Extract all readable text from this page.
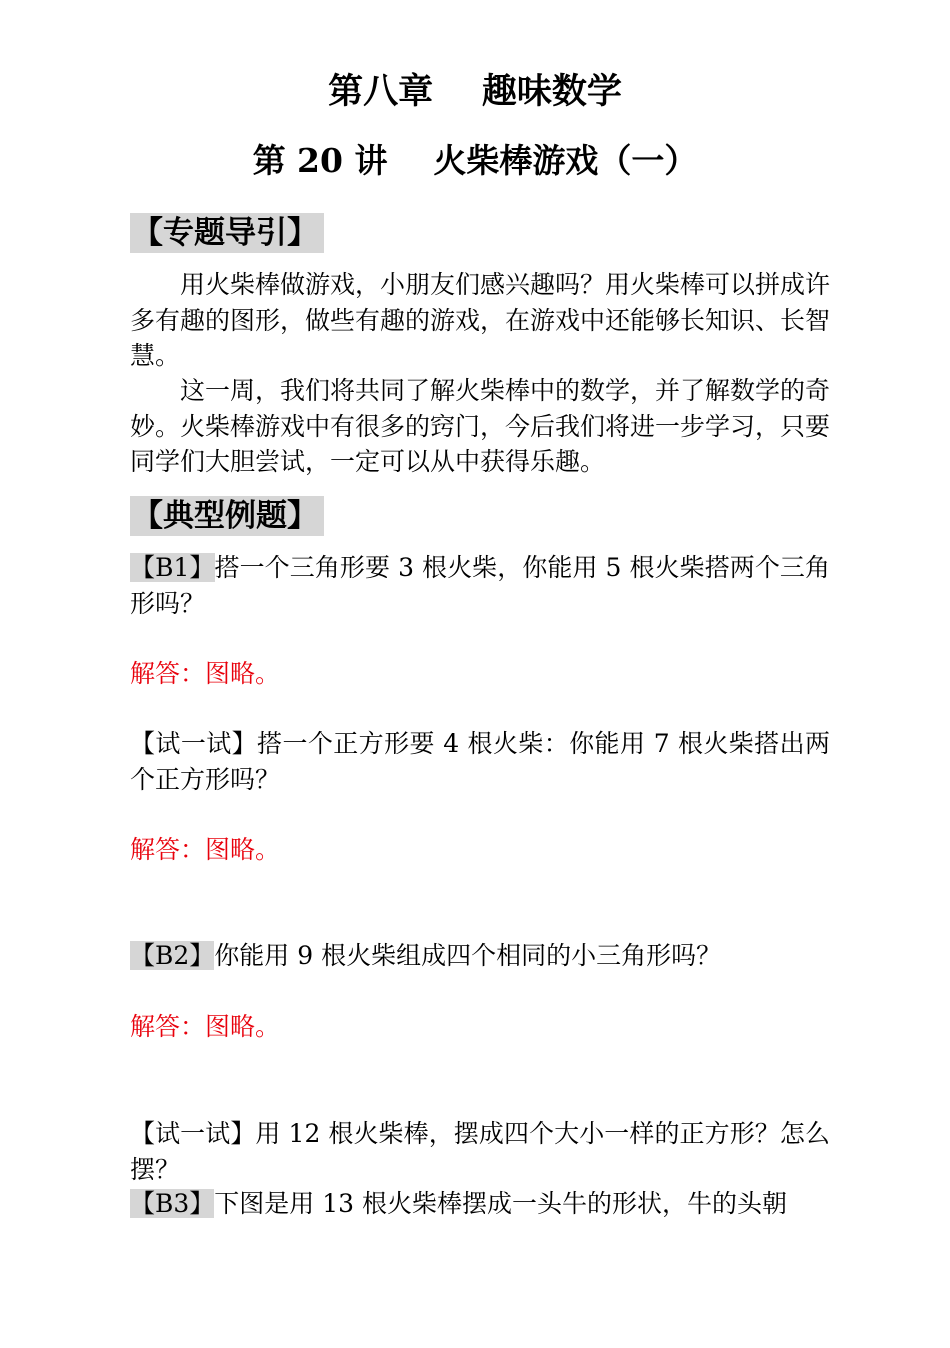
第八章    趣味数学
第 20 讲    火柴棒游戏（一）
【专题导引】

用火柴棒做游戏，小朋友们感兴趣吗？用火柴棒可以拼成许多有趣的图形，做些有趣的游戏，在游戏中还能够长知识、长智慧。

这一周，我们将共同了解火柴棒中的数学，并了解数学的奇妙。火柴棒游戏中有很多的窍门，今后我们将进一步学习，只要同学们大胆尝试，一定可以从中获得乐趣。

【典型例题】

【B1】搭一个三角形要 3 根火柴，你能用 5 根火柴搭两个三角形吗？

解答：图略。

【试一试】搭一个正方形要 4 根火柴：你能用 7 根火柴搭出两个正方形吗？

解答：图略。

【B2】你能用 9 根火柴组成四个相同的小三角形吗？

解答：图略。

【试一试】用 12 根火柴棒，摆成四个大小一样的正方形？怎么摆？

【B3】下图是用 13 根火柴棒摆成一头牛的形状，牛的头朝
